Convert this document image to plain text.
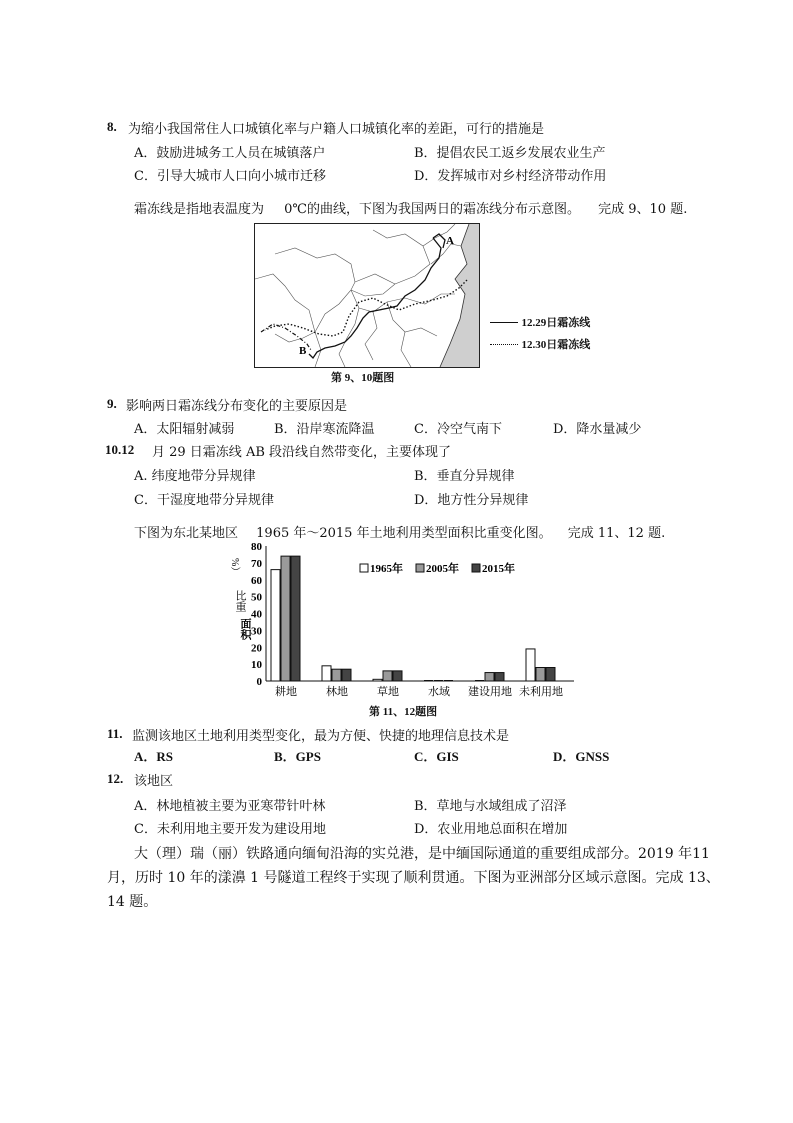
8. 为缩小我国常住人口城镇化率与户籍人口城镇化率的差距，可行的措施是
A．鼓励进城务工人员在城镇落户	B．提倡农民工返乡发展农业生产
C．引导大城市人口向小城市迁移	D．发挥城市对乡村经济带动作用
霜冻线是指地表温度为 0℃的曲线，下图为我国两日的霜冻线分布示意图。 完成 9、10 题.
A
B
12.29日霜冻线
12.30日霜冻线
第 9、10题图
9. 影响两日霜冻线分布变化的主要原因是
A．太阳辐射减弱	B．沿岸寒流降温	C．冷空气南下	D．降水量减少
10.12 月 29 日霜冻线 AB 段沿线自然带变化，主要体现了
A. 纬度地带分异规律	B．垂直分异规律
C．干湿度地带分异规律	D．地方性分异规律
下图为东北某地区 1965 年～2015 年土地利用类型面积比重变化图。 完成 11、12 题.
0
10
20
30
40
50
60
70
80
耕地	林地	草地	水域 建设用地 未利用地
1965年 2005年 2015年
%）
比重
面积
第 11、12题图
11. 监测该地区土地利用类型变化，最为方便、快捷的地理信息技术是
A．RS	B．GPS	C．GIS	D．GNSS
12. 该地区
A．林地植被主要为亚寒带针叶林	B．草地与水域组成了沼泽
C．未利用地主要开发为建设用地	D．农业用地总面积在增加
大（理）瑞（丽）铁路通向缅甸沿海的实兑港，是中缅国际通道的重要组成部分。2019 年11
月，历时 10 年的漾濞 1 号隧道工程终于实现了顺利贯通。下图为亚洲部分区域示意图。完成 13、
14 题。
